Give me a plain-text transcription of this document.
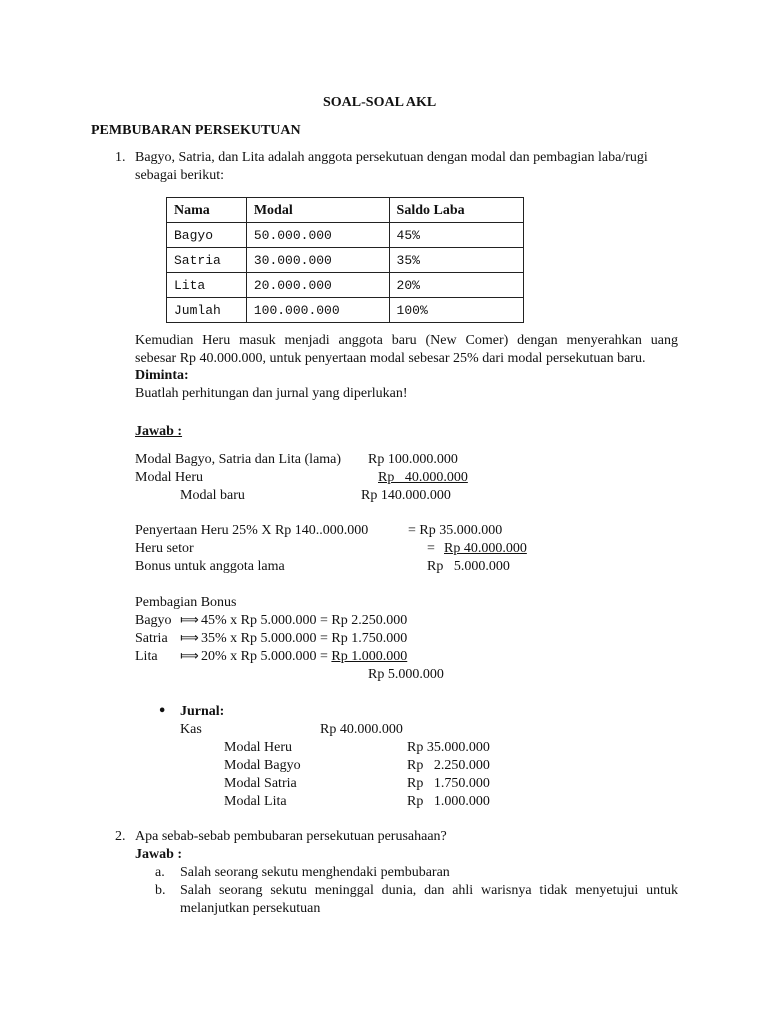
SOAL-SOAL AKL
PEMBUBARAN PERSEKUTUAN
1. Bagyo, Satria, dan Lita adalah anggota persekutuan dengan modal dan pembagian laba/rugi
sebagai berikut:
Nama	Modal	Saldo Laba
Bagyo	50.000.000	45%
Satria	30.000.000	35%
Lita	20.000.000	20%
Jumlah	100.000.000	100%
Kemudian Heru masuk menjadi anggota baru (New Comer) dengan menyerahkan uang
sebesar Rp 40.000.000, untuk penyertaan modal sebesar 25% dari modal persekutuan baru.
Diminta:
Buatlah perhitungan dan jurnal yang diperlukan!
Jawab :
Modal Bagyo, Satria dan Lita (lama) Rp 100.000.000
Modal Heru	Rp   40.000.000
Modal baru	Rp 140.000.000
Penyertaan Heru 25% X Rp 140..000.000	= Rp 35.000.000
Heru setor	= Rp 40.000.000
Bonus untuk anggota lama	Rp   5.000.000
Pembagian Bonus
Bagyo ⟾ 45% x Rp 5.000.000 = Rp 2.250.000
Satria ⟾ 35% x Rp 5.000.000 = Rp 1.750.000
Lita ⟾ 20% x Rp 5.000.000 = Rp 1.000.000
Rp 5.000.000
• Jurnal:
Kas	Rp 40.000.000
Modal Heru	Rp 35.000.000
Modal Bagyo	Rp   2.250.000
Modal Satria	Rp   1.750.000
Modal Lita	Rp   1.000.000
2. Apa sebab-sebab pembubaran persekutuan perusahaan?
Jawab :
a. Salah seorang sekutu menghendaki pembubaran
b. Salah seorang sekutu meninggal dunia, dan ahli warisnya tidak menyetujui untuk
melanjutkan persekutuan
